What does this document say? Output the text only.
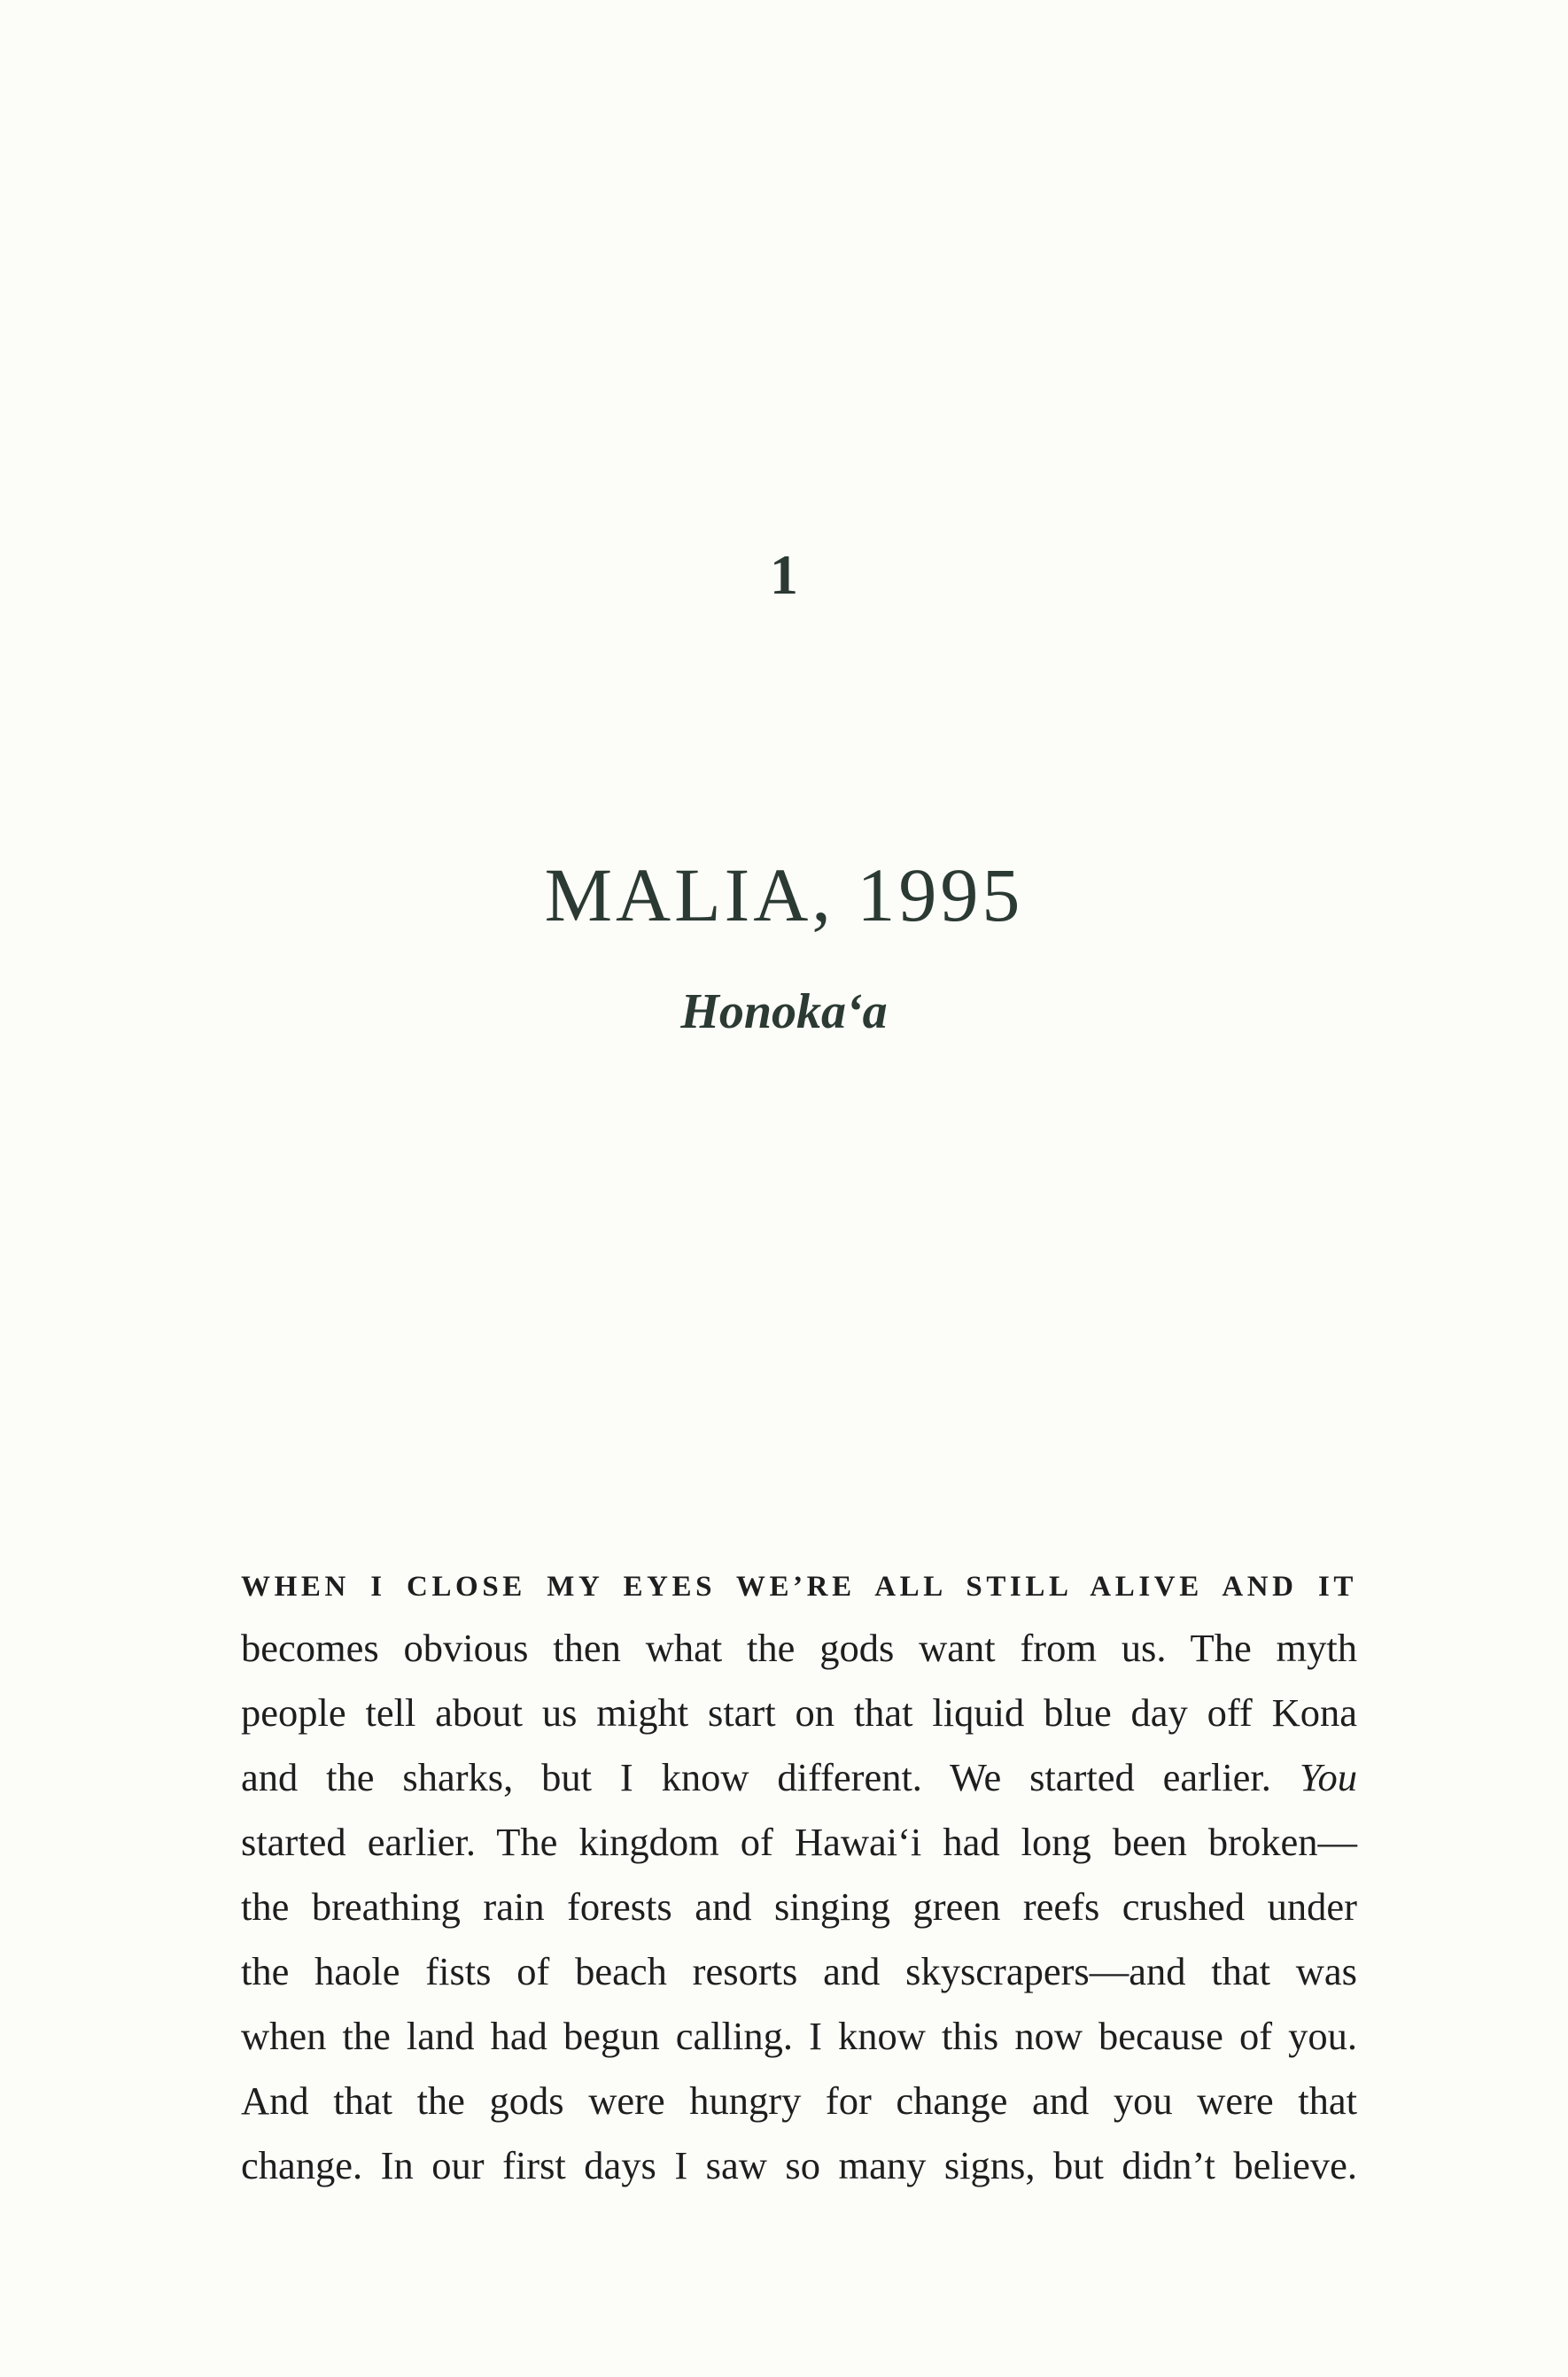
1
MALIA, 1995
Honoka‘a
WHEN I CLOSE MY EYES WE’RE ALL STILL ALIVE AND IT
becomes obvious then what the gods want from us. The myth
people tell about us might start on that liquid blue day off Kona
and the sharks, but I know different. We started earlier. You
started earlier. The kingdom of Hawai‘i had long been broken—
the breathing rain forests and singing green reefs crushed under
the haole fists of beach resorts and skyscrapers—and that was
when the land had begun calling. I know this now because of you.
And that the gods were hungry for change and you were that
change. In our first days I saw so many signs, but didn’t believe.
